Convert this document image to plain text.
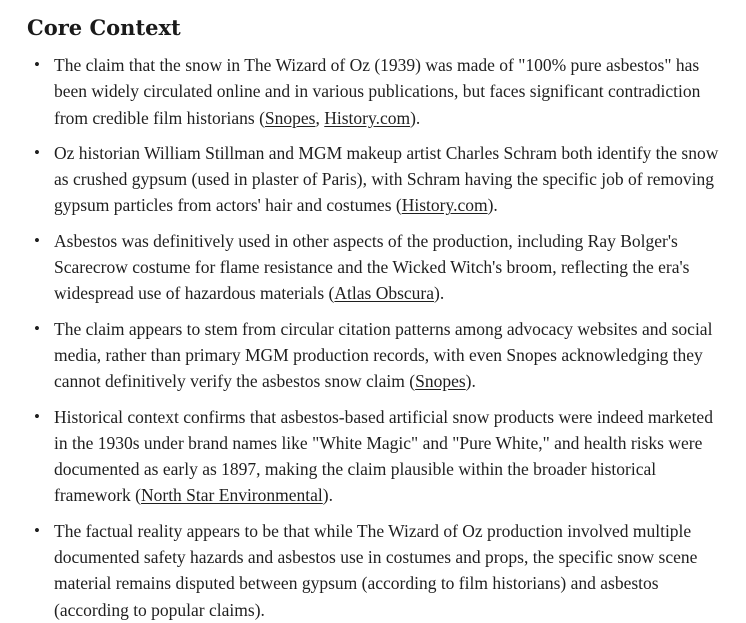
Core Context
• The claim that the snow in The Wizard of Oz (1939) was made of "100% pure asbestos" has been widely circulated online and in various publications, but faces significant contradiction from credible film historians (Snopes, History.com).
• Oz historian William Stillman and MGM makeup artist Charles Schram both identify the snow as crushed gypsum (used in plaster of Paris), with Schram having the specific job of removing gypsum particles from actors' hair and costumes (History.com).
• Asbestos was definitively used in other aspects of the production, including Ray Bolger's Scarecrow costume for flame resistance and the Wicked Witch's broom, reflecting the era's widespread use of hazardous materials (Atlas Obscura).
• The claim appears to stem from circular citation patterns among advocacy websites and social media, rather than primary MGM production records, with even Snopes acknowledging they cannot definitively verify the asbestos snow claim (Snopes).
• Historical context confirms that asbestos-based artificial snow products were indeed marketed in the 1930s under brand names like "White Magic" and "Pure White," and health risks were documented as early as 1897, making the claim plausible within the broader historical framework (North Star Environmental).
• The factual reality appears to be that while The Wizard of Oz production involved multiple documented safety hazards and asbestos use in costumes and props, the specific snow scene material remains disputed between gypsum (according to film historians) and asbestos (according to popular claims).
